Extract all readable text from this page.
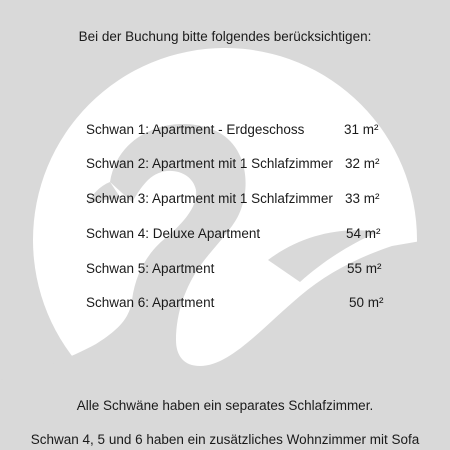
Bei der Buchung bitte folgendes berücksichtigen:
Schwan 1: Apartment - Erdgeschoss	31 m²
Schwan 2: Apartment mit 1 Schlafzimmer 32 m²
Schwan 3: Apartment mit 1 Schlafzimmer 33 m²
Schwan 4: Deluxe Apartment	54 m²
Schwan 5: Apartment	55 m²
Schwan 6: Apartment	50 m²
Alle Schwäne haben ein separates Schlafzimmer.
Schwan 4, 5 und 6 haben ein zusätzliches Wohnzimmer mit Sofa
